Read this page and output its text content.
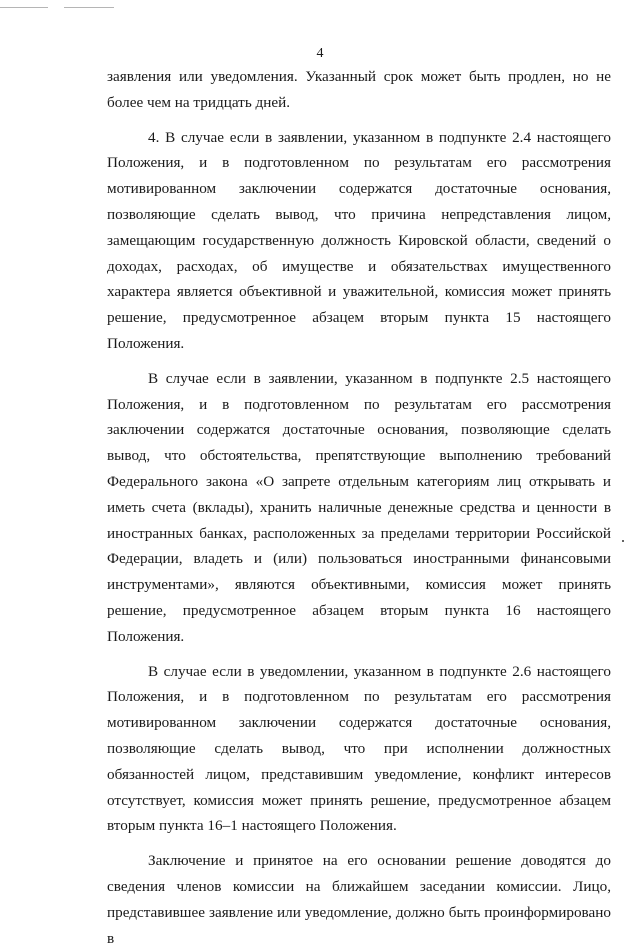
4

заявления или уведомления. Указанный срок может быть продлен, но не более чем на тридцать дней.

4. В случае если в заявлении, указанном в подпункте 2.4 настоящего Положения, и в подготовленном по результатам его рассмотрения мотивированном заключении содержатся достаточные основания, позволяющие сделать вывод, что причина непредставления лицом, замещающим государственную должность Кировской области, сведений о доходах, расходах, об имуществе и обязательствах имущественного характера является объективной и уважительной, комиссия может принять решение, предусмотренное абзацем вторым пункта 15 настоящего Положения.

В случае если в заявлении, указанном в подпункте 2.5 настоящего Положения, и в подготовленном по результатам его рассмотрения заключении содержатся достаточные основания, позволяющие сделать вывод, что обстоятельства, препятствующие выполнению требований Федерального закона «О запрете отдельным категориям лиц открывать и иметь счета (вклады), хранить наличные денежные средства и ценности в иностранных банках, расположенных за пределами территории Российской Федерации, владеть и (или) пользоваться иностранными финансовыми инструментами», являются объективными, комиссия может принять решение, предусмотренное абзацем вторым пункта 16 настоящего Положения.

В случае если в уведомлении, указанном в подпункте 2.6 настоящего Положения, и в подготовленном по результатам его рассмотрения мотивированном заключении содержатся достаточные основания, позволяющие сделать вывод, что при исполнении должностных обязанностей лицом, представившим уведомление, конфликт интересов отсутствует, комиссия может принять решение, предусмотренное абзацем вторым пункта 16–1 настоящего Положения.

Заключение и принятое на его основании решение доводятся до сведения членов комиссии на ближайшем заседании комиссии. Лицо, представившее заявление или уведомление, должно быть проинформировано в
